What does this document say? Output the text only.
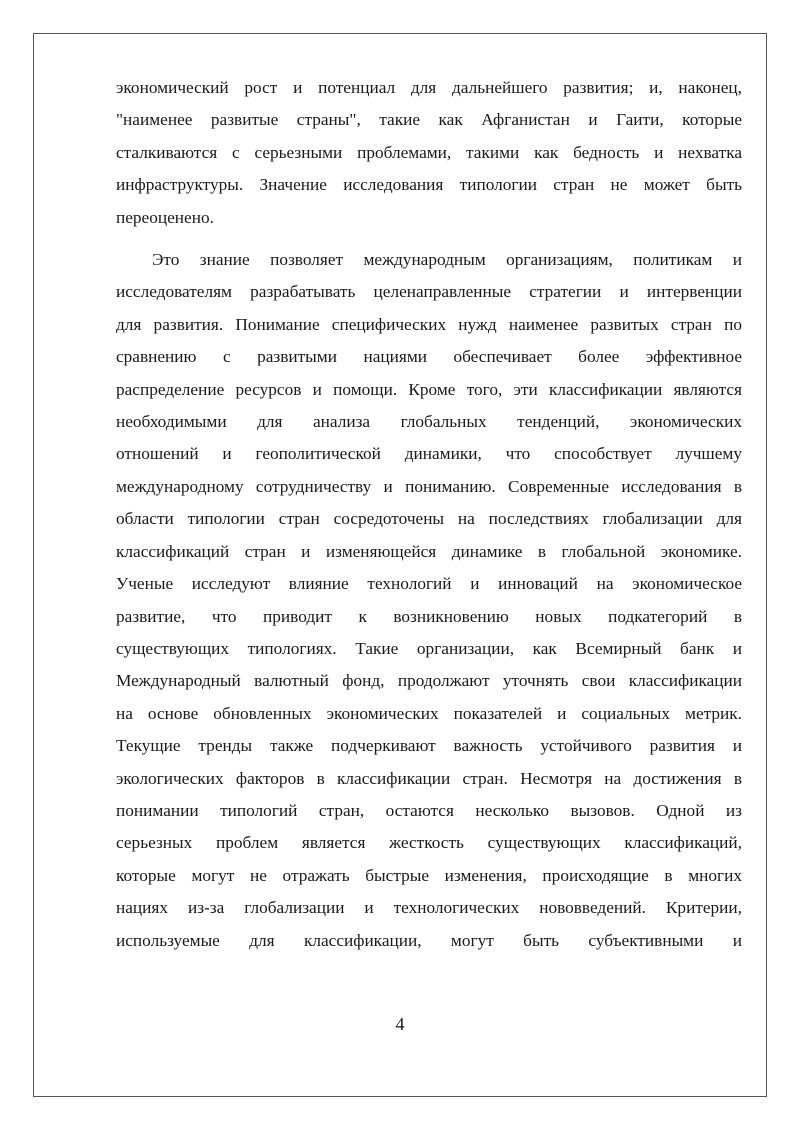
экономический рост и потенциал для дальнейшего развития; и, наконец,
"наименее развитые страны", такие как Афганистан и Гаити, которые
сталкиваются с серьезными проблемами, такими как бедность и нехватка
инфраструктуры. Значение исследования типологии стран не может быть
переоценено.

Это знание позволяет международным организациям, политикам и
исследователям разрабатывать целенаправленные стратегии и интервенции
для развития. Понимание специфических нужд наименее развитых стран по
сравнению с развитыми нациями обеспечивает более эффективное
распределение ресурсов и помощи. Кроме того, эти классификации являются
необходимыми для анализа глобальных тенденций, экономических
отношений и геополитической динамики, что способствует лучшему
международному сотрудничеству и пониманию. Современные исследования в
области типологии стран сосредоточены на последствиях глобализации для
классификаций стран и изменяющейся динамике в глобальной экономике.
Ученые исследуют влияние технологий и инноваций на экономическое
развитие, что приводит к возникновению новых подкатегорий в
существующих типологиях. Такие организации, как Всемирный банк и
Международный валютный фонд, продолжают уточнять свои классификации
на основе обновленных экономических показателей и социальных метрик.
Текущие тренды также подчеркивают важность устойчивого развития и
экологических факторов в классификации стран. Несмотря на достижения в
понимании типологий стран, остаются несколько вызовов. Одной из
серьезных проблем является жесткость существующих классификаций,
которые могут не отражать быстрые изменения, происходящие в многих
нациях из-за глобализации и технологических нововведений. Критерии,
используемые для классификации, могут быть субъективными и

4
